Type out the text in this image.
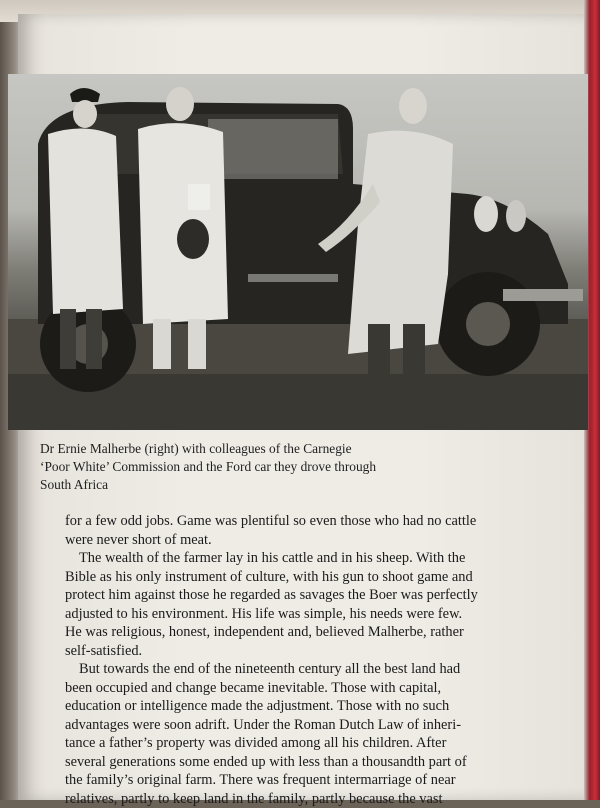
Dr Ernie Malherbe (right) with colleagues of the Carnegie
‘Poor White’ Commission and the Ford car they drove through
South Africa

for a few odd jobs. Game was plentiful so even those who had no cattle
were never short of meat.

The wealth of the farmer lay in his cattle and in his sheep. With the
Bible as his only instrument of culture, with his gun to shoot game and
protect him against those he regarded as savages the Boer was perfectly
adjusted to his environment. His life was simple, his needs were few.
He was religious, honest, independent and, believed Malherbe, rather
self-satisfied.

But towards the end of the nineteenth century all the best land had
been occupied and change became inevitable. Those with capital,
education or intelligence made the adjustment. Those with no such
advantages were soon adrift. Under the Roman Dutch Law of inheri-
tance a father’s property was divided among all his children. After
several generations some ended up with less than a thousandth part of
the family’s original farm. There was frequent intermarriage of near
relatives, partly to keep land in the family, partly because the vast
